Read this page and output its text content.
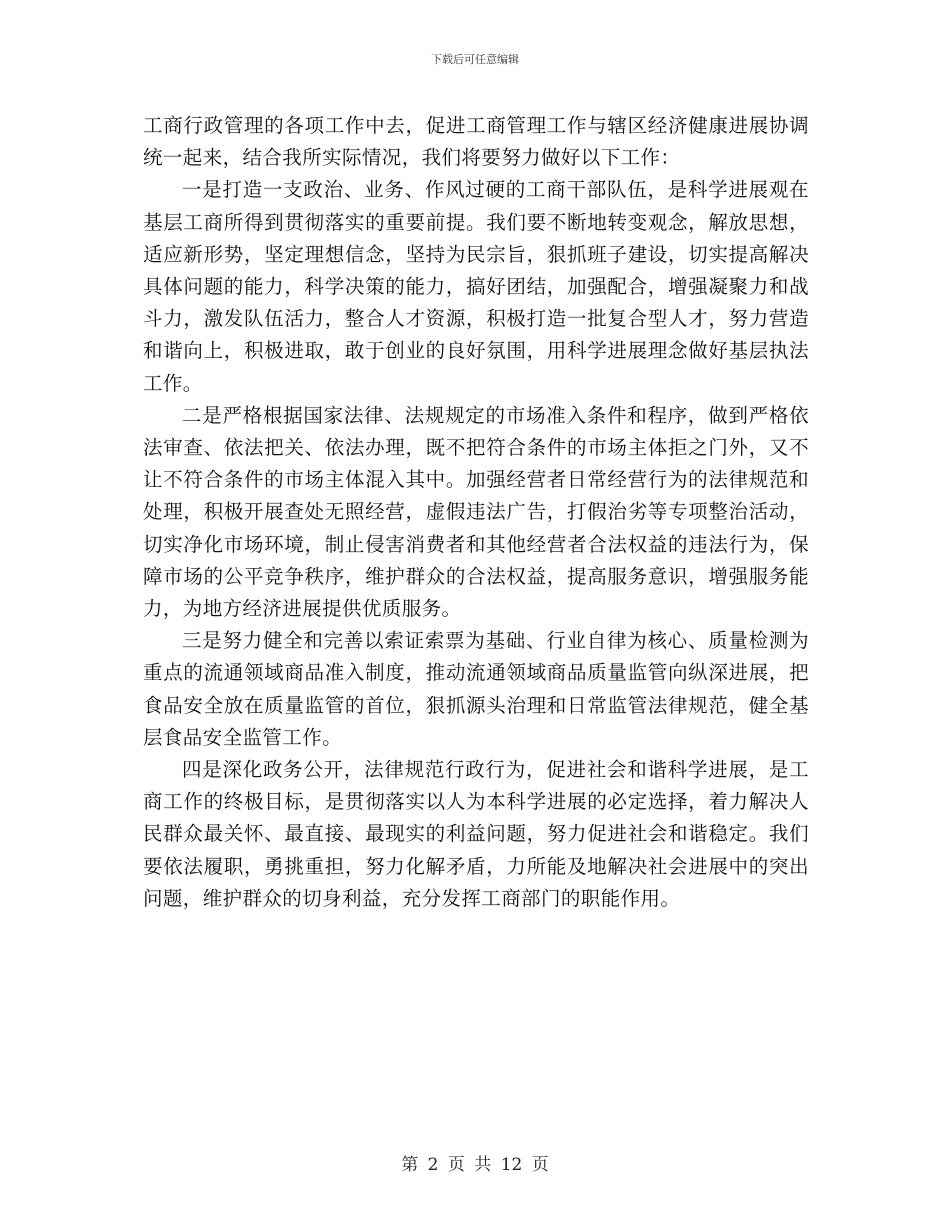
下载后可任意编辑

工商行政管理的各项工作中去，促进工商管理工作与辖区经济健康进展协调统一起来，结合我所实际情况，我们将要努力做好以下工作：

一是打造一支政治、业务、作风过硬的工商干部队伍，是科学进展观在基层工商所得到贯彻落实的重要前提。我们要不断地转变观念，解放思想，适应新形势，坚定理想信念，坚持为民宗旨，狠抓班子建设，切实提高解决具体问题的能力，科学决策的能力，搞好团结，加强配合，增强凝聚力和战斗力，激发队伍活力，整合人才资源，积极打造一批复合型人才，努力营造和谐向上，积极进取，敢于创业的良好氛围，用科学进展理念做好基层执法工作。

二是严格根据国家法律、法规规定的市场准入条件和程序，做到严格依法审查、依法把关、依法办理，既不把符合条件的市场主体拒之门外，又不让不符合条件的市场主体混入其中。加强经营者日常经营行为的法律规范和处理，积极开展查处无照经营，虚假违法广告，打假治劣等专项整治活动，切实净化市场环境，制止侵害消费者和其他经营者合法权益的违法行为，保障市场的公平竞争秩序，维护群众的合法权益，提高服务意识，增强服务能力，为地方经济进展提供优质服务。

三是努力健全和完善以索证索票为基础、行业自律为核心、质量检测为重点的流通领域商品准入制度，推动流通领域商品质量监管向纵深进展，把食品安全放在质量监管的首位，狠抓源头治理和日常监管法律规范，健全基层食品安全监管工作。

四是深化政务公开，法律规范行政行为，促进社会和谐科学进展，是工商工作的终极目标，是贯彻落实以人为本科学进展的必定选择，着力解决人民群众最关怀、最直接、最现实的利益问题，努力促进社会和谐稳定。我们要依法履职，勇挑重担，努力化解矛盾，力所能及地解决社会进展中的突出问题，维护群众的切身利益，充分发挥工商部门的职能作用。

第 2 页 共 12 页
